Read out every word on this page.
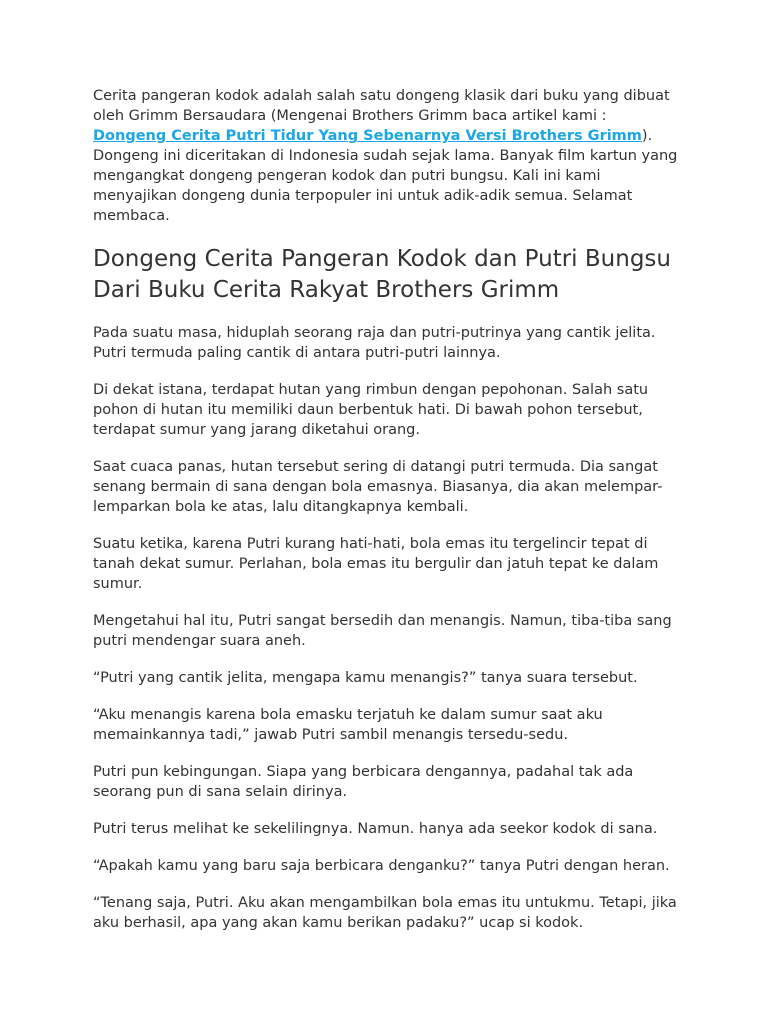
Cerita pangeran kodok adalah salah satu dongeng klasik dari buku yang dibuat oleh Grimm Bersaudara (Mengenai Brothers Grimm baca artikel kami : Dongeng Cerita Putri Tidur Yang Sebenarnya Versi Brothers Grimm). Dongeng ini diceritakan di Indonesia sudah sejak lama. Banyak film kartun yang mengangkat dongeng pengeran kodok dan putri bungsu. Kali ini kami menyajikan dongeng dunia terpopuler ini untuk adik-adik semua. Selamat membaca.

Dongeng Cerita Pangeran Kodok dan Putri Bungsu Dari Buku Cerita Rakyat Brothers Grimm

Pada suatu masa, hiduplah seorang raja dan putri-putrinya yang cantik jelita. Putri termuda paling cantik di antara putri-putri lainnya.

Di dekat istana, terdapat hutan yang rimbun dengan pepohonan. Salah satu pohon di hutan itu memiliki daun berbentuk hati. Di bawah pohon tersebut, terdapat sumur yang jarang diketahui orang.

Saat cuaca panas, hutan tersebut sering di datangi putri termuda. Dia sangat senang bermain di sana dengan bola emasnya. Biasanya, dia akan melempar-lemparkan bola ke atas, lalu ditangkapnya kembali.

Suatu ketika, karena Putri kurang hati-hati, bola emas itu tergelincir tepat di tanah dekat sumur. Perlahan, bola emas itu bergulir dan jatuh tepat ke dalam sumur.

Mengetahui hal itu, Putri sangat bersedih dan menangis. Namun, tiba-tiba sang putri mendengar suara aneh.

“Putri yang cantik jelita, mengapa kamu menangis?” tanya suara tersebut.

“Aku menangis karena bola emasku terjatuh ke dalam sumur saat aku memainkannya tadi,” jawab Putri sambil menangis tersedu-sedu.

Putri pun kebingungan. Siapa yang berbicara dengannya, padahal tak ada seorang pun di sana selain dirinya.

Putri terus melihat ke sekelilingnya. Namun. hanya ada seekor kodok di sana.

“Apakah kamu yang baru saja berbicara denganku?” tanya Putri dengan heran.

“Tenang saja, Putri. Aku akan mengambilkan bola emas itu untukmu. Tetapi, jika aku berhasil, apa yang akan kamu berikan padaku?” ucap si kodok.
